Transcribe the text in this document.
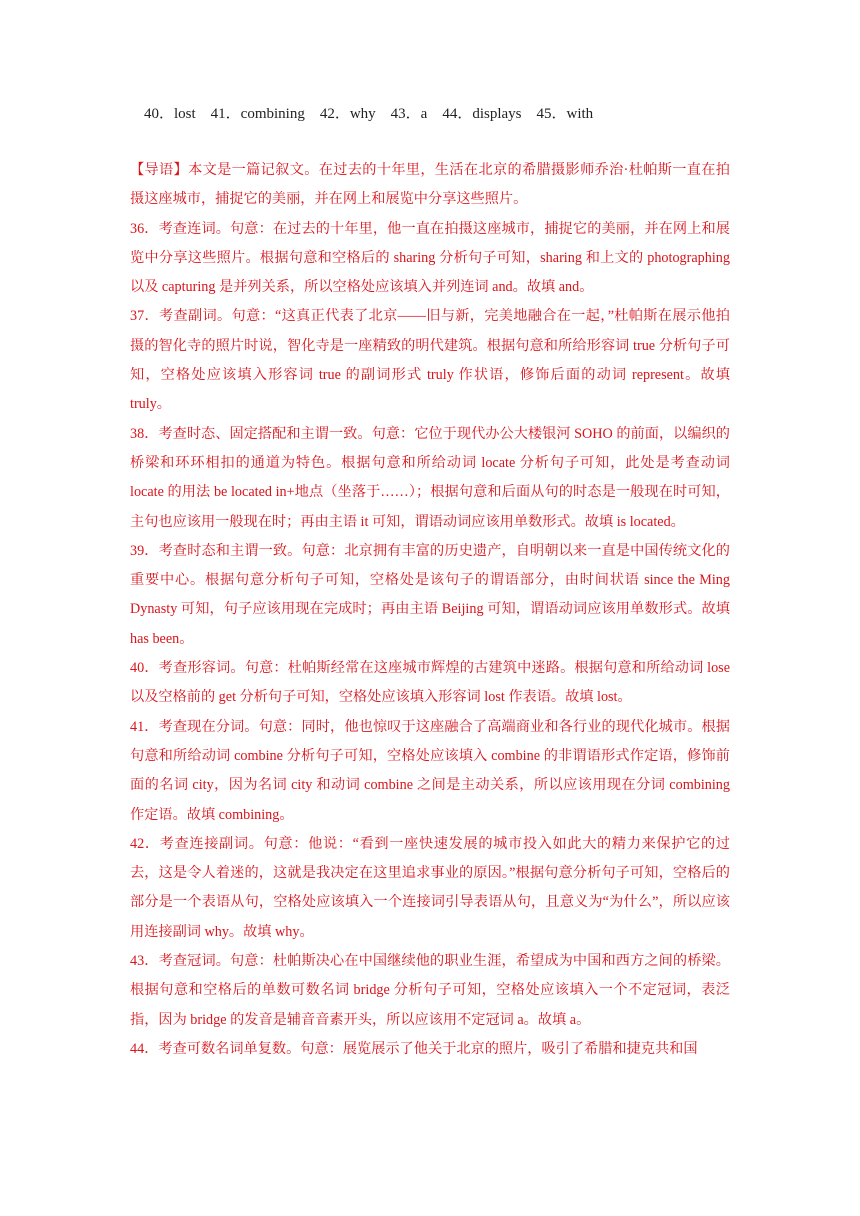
40．lost    41．combining    42．why    43．a    44．displays    45．with

【导语】本文是一篇记叙文。在过去的十年里，生活在北京的希腊摄影师乔治·杜帕斯一直在拍摄这座城市，捕捉它的美丽，并在网上和展览中分享这些照片。

36．考查连词。句意：在过去的十年里，他一直在拍摄这座城市，捕捉它的美丽，并在网上和展览中分享这些照片。根据句意和空格后的 sharing 分析句子可知，sharing 和上文的 photographing 以及 capturing 是并列关系，所以空格处应该填入并列连词 and。故填 and。

37．考查副词。句意：“这真正代表了北京——旧与新，完美地融合在一起，”杜帕斯在展示他拍摄的智化寺的照片时说，智化寺是一座精致的明代建筑。根据句意和所给形容词 true 分析句子可知，空格处应该填入形容词 true 的副词形式 truly 作状语，修饰后面的动词 represent。故填 truly。

38．考查时态、固定搭配和主谓一致。句意：它位于现代办公大楼银河 SOHO 的前面，以编织的桥梁和环环相扣的通道为特色。根据句意和所给动词 locate 分析句子可知，此处是考查动词 locate 的用法 be located in+地点（坐落于……）；根据句意和后面从句的时态是一般现在时可知，主句也应该用一般现在时；再由主语 it 可知，谓语动词应该用单数形式。故填 is located。

39．考查时态和主谓一致。句意：北京拥有丰富的历史遗产，自明朝以来一直是中国传统文化的重要中心。根据句意分析句子可知，空格处是该句子的谓语部分，由时间状语 since the Ming Dynasty 可知，句子应该用现在完成时；再由主语 Beijing 可知，谓语动词应该用单数形式。故填 has been。

40．考查形容词。句意：杜帕斯经常在这座城市辉煌的古建筑中迷路。根据句意和所给动词 lose 以及空格前的 get 分析句子可知，空格处应该填入形容词 lost 作表语。故填 lost。

41．考查现在分词。句意：同时，他也惊叹于这座融合了高端商业和各行业的现代化城市。根据句意和所给动词 combine 分析句子可知，空格处应该填入 combine 的非谓语形式作定语，修饰前面的名词 city，因为名词 city 和动词 combine 之间是主动关系，所以应该用现在分词 combining 作定语。故填 combining。

42．考查连接副词。句意：他说：“看到一座快速发展的城市投入如此大的精力来保护它的过去，这是令人着迷的，这就是我决定在这里追求事业的原因。”根据句意分析句子可知，空格后的部分是一个表语从句，空格处应该填入一个连接词引导表语从句，且意义为“为什么”，所以应该用连接副词 why。故填 why。

43．考查冠词。句意：杜帕斯决心在中国继续他的职业生涯，希望成为中国和西方之间的桥梁。根据句意和空格后的单数可数名词 bridge 分析句子可知，空格处应该填入一个不定冠词，表泛指，因为 bridge 的发音是辅音音素开头，所以应该用不定冠词 a。故填 a。

44．考查可数名词单复数。句意：展览展示了他关于北京的照片，吸引了希腊和捷克共和国
